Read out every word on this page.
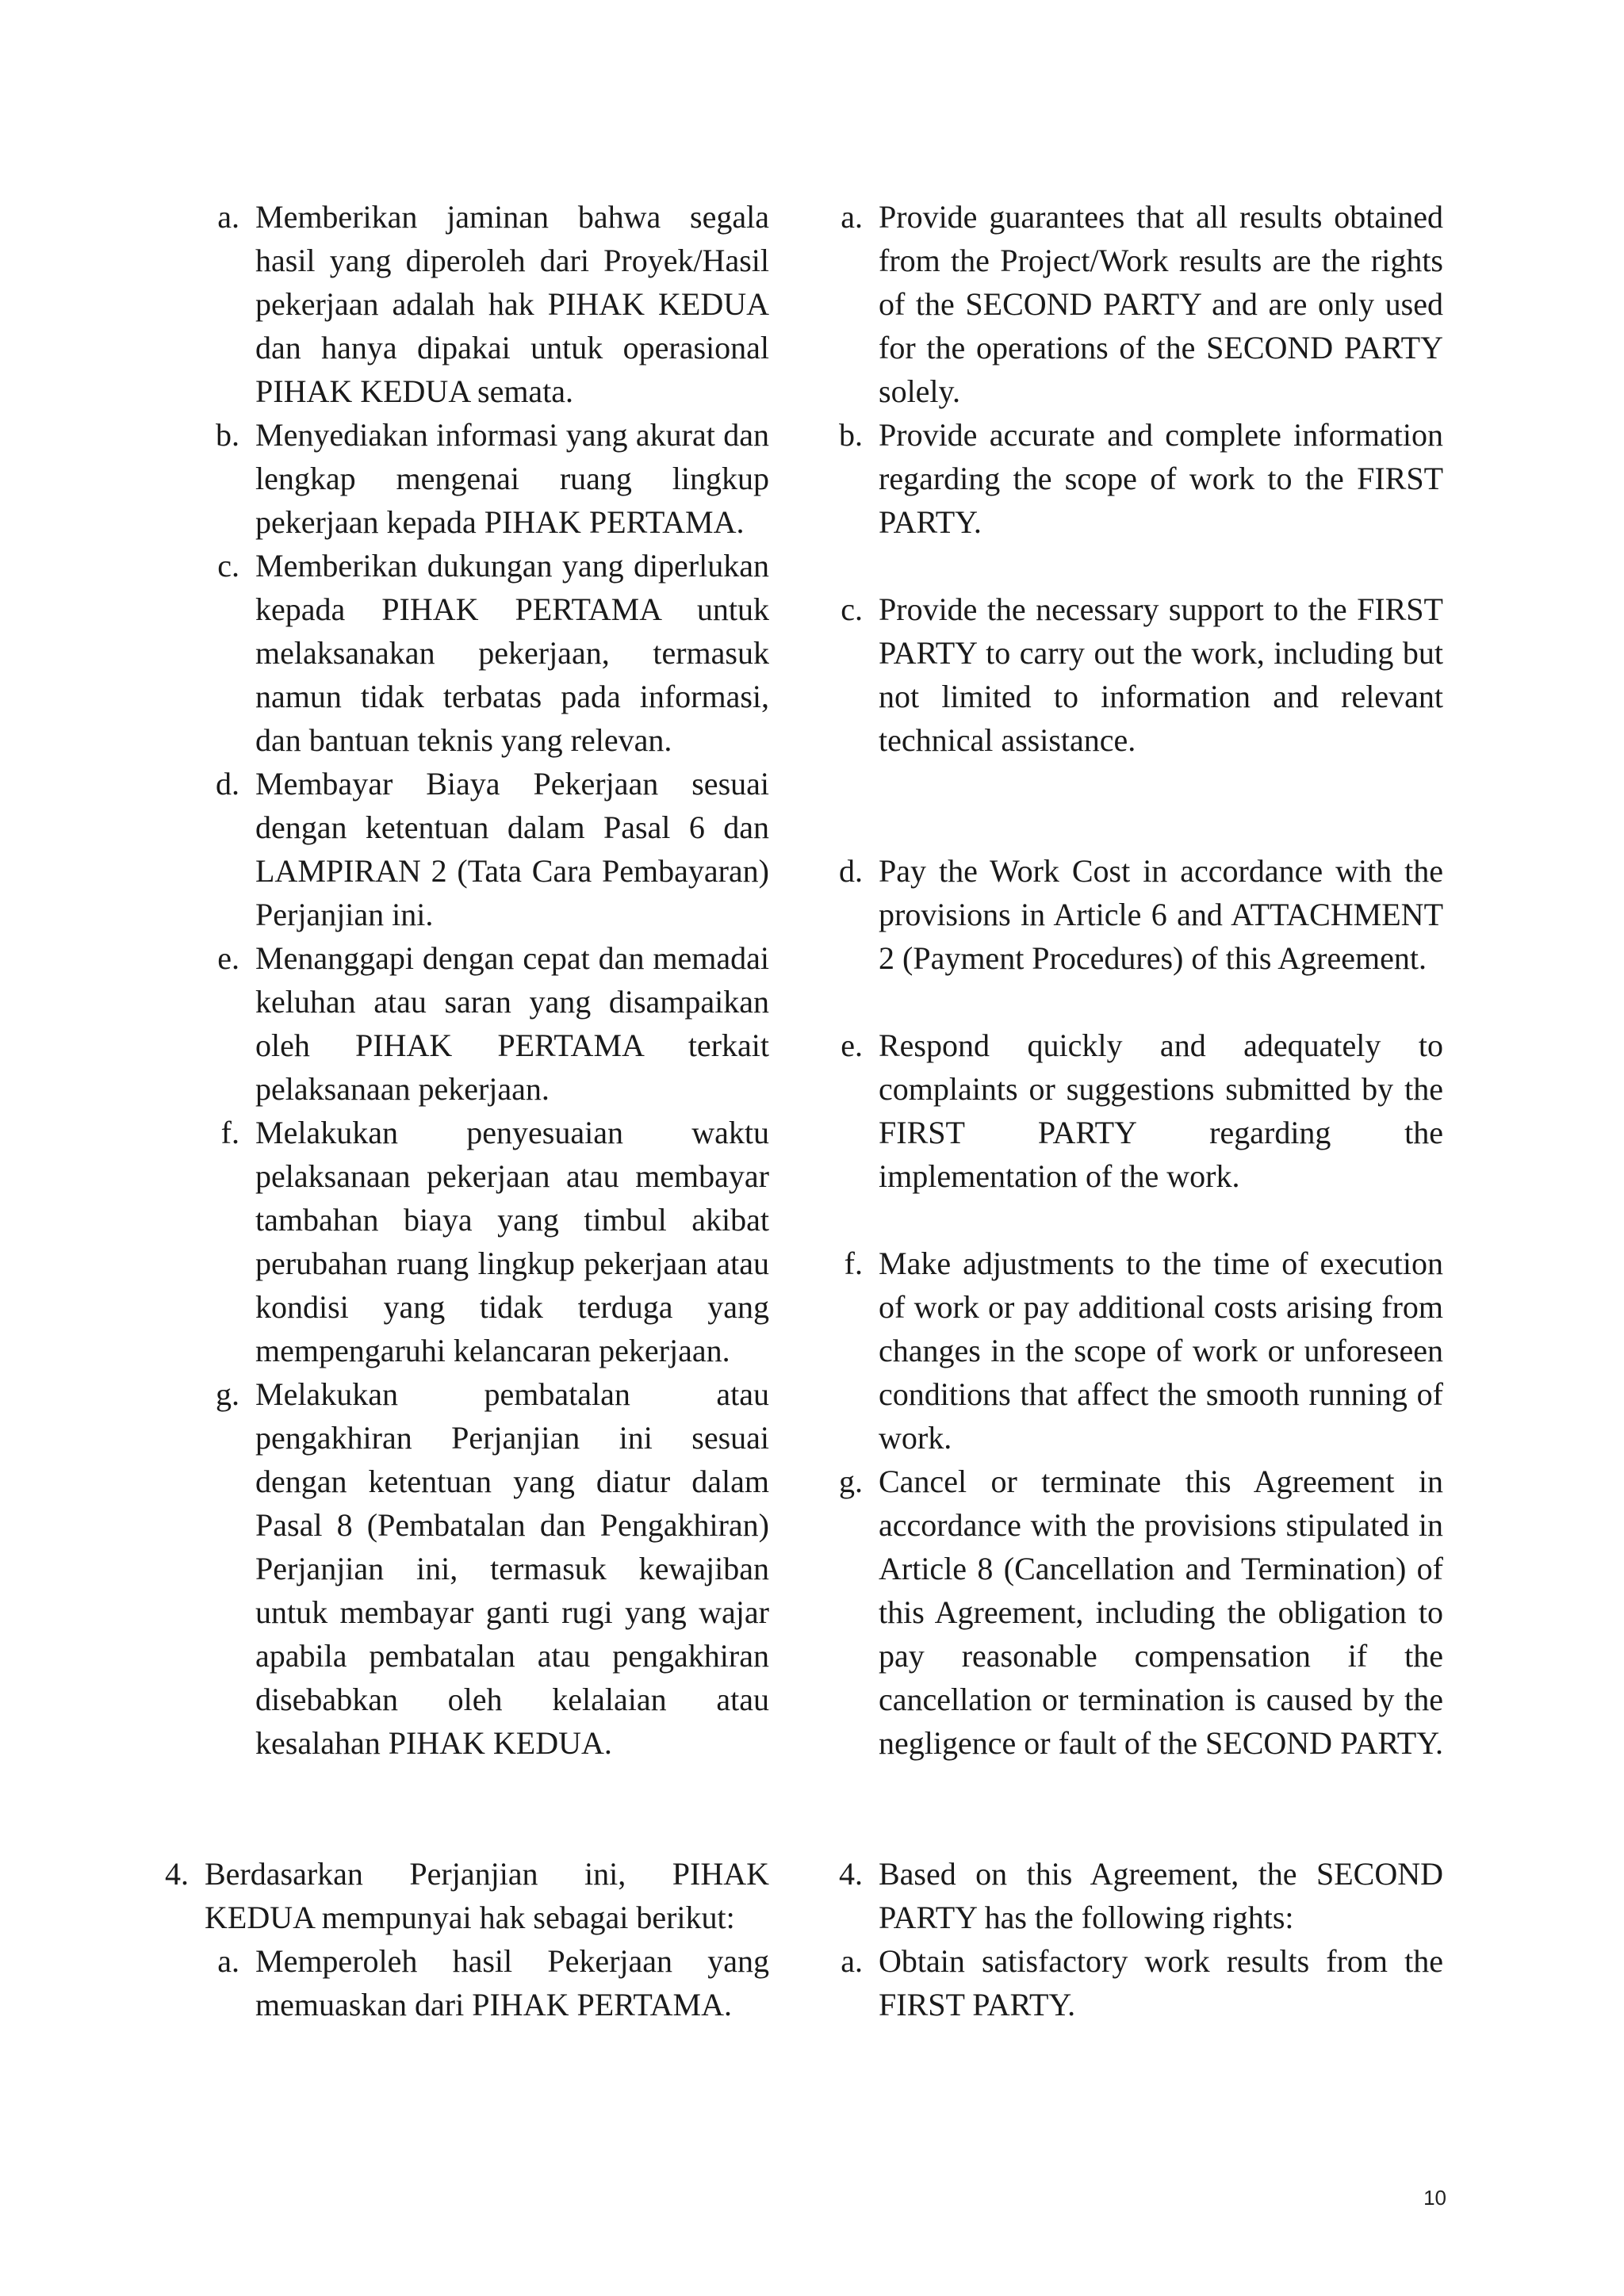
a. Memberikan jaminan bahwa segala hasil yang diperoleh dari Proyek/Hasil pekerjaan adalah hak PIHAK KEDUA dan hanya dipakai untuk operasional PIHAK KEDUA semata.
b. Menyediakan informasi yang akurat dan lengkap mengenai ruang lingkup pekerjaan kepada PIHAK PERTAMA.
c. Memberikan dukungan yang diperlukan kepada PIHAK PERTAMA untuk melaksanakan pekerjaan, termasuk namun tidak terbatas pada informasi, dan bantuan teknis yang relevan.
d. Membayar Biaya Pekerjaan sesuai dengan ketentuan dalam Pasal 6 dan LAMPIRAN 2 (Tata Cara Pembayaran) Perjanjian ini.
e. Menanggapi dengan cepat dan memadai keluhan atau saran yang disampaikan oleh PIHAK PERTAMA terkait pelaksanaan pekerjaan.
f. Melakukan penyesuaian waktu pelaksanaan pekerjaan atau membayar tambahan biaya yang timbul akibat perubahan ruang lingkup pekerjaan atau kondisi yang tidak terduga yang mempengaruhi kelancaran pekerjaan.
g. Melakukan pembatalan atau pengakhiran Perjanjian ini sesuai dengan ketentuan yang diatur dalam Pasal 8 (Pembatalan dan Pengakhiran) Perjanjian ini, termasuk kewajiban untuk membayar ganti rugi yang wajar apabila pembatalan atau pengakhiran disebabkan oleh kelalaian atau kesalahan PIHAK KEDUA.
4. Berdasarkan Perjanjian ini, PIHAK KEDUA mempunyai hak sebagai berikut:
a. Memperoleh hasil Pekerjaan yang memuaskan dari PIHAK PERTAMA.
a. Provide guarantees that all results obtained from the Project/Work results are the rights of the SECOND PARTY and are only used for the operations of the SECOND PARTY solely.
b. Provide accurate and complete information regarding the scope of work to the FIRST PARTY.
c. Provide the necessary support to the FIRST PARTY to carry out the work, including but not limited to information and relevant technical assistance.
d. Pay the Work Cost in accordance with the provisions in Article 6 and ATTACHMENT 2 (Payment Procedures) of this Agreement.
e. Respond quickly and adequately to complaints or suggestions submitted by the FIRST PARTY regarding the implementation of the work.
f. Make adjustments to the time of execution of work or pay additional costs arising from changes in the scope of work or unforeseen conditions that affect the smooth running of work.
g. Cancel or terminate this Agreement in accordance with the provisions stipulated in Article 8 (Cancellation and Termination) of this Agreement, including the obligation to pay reasonable compensation if the cancellation or termination is caused by the negligence or fault of the SECOND PARTY.
4. Based on this Agreement, the SECOND PARTY has the following rights:
a. Obtain satisfactory work results from the FIRST PARTY.
10
